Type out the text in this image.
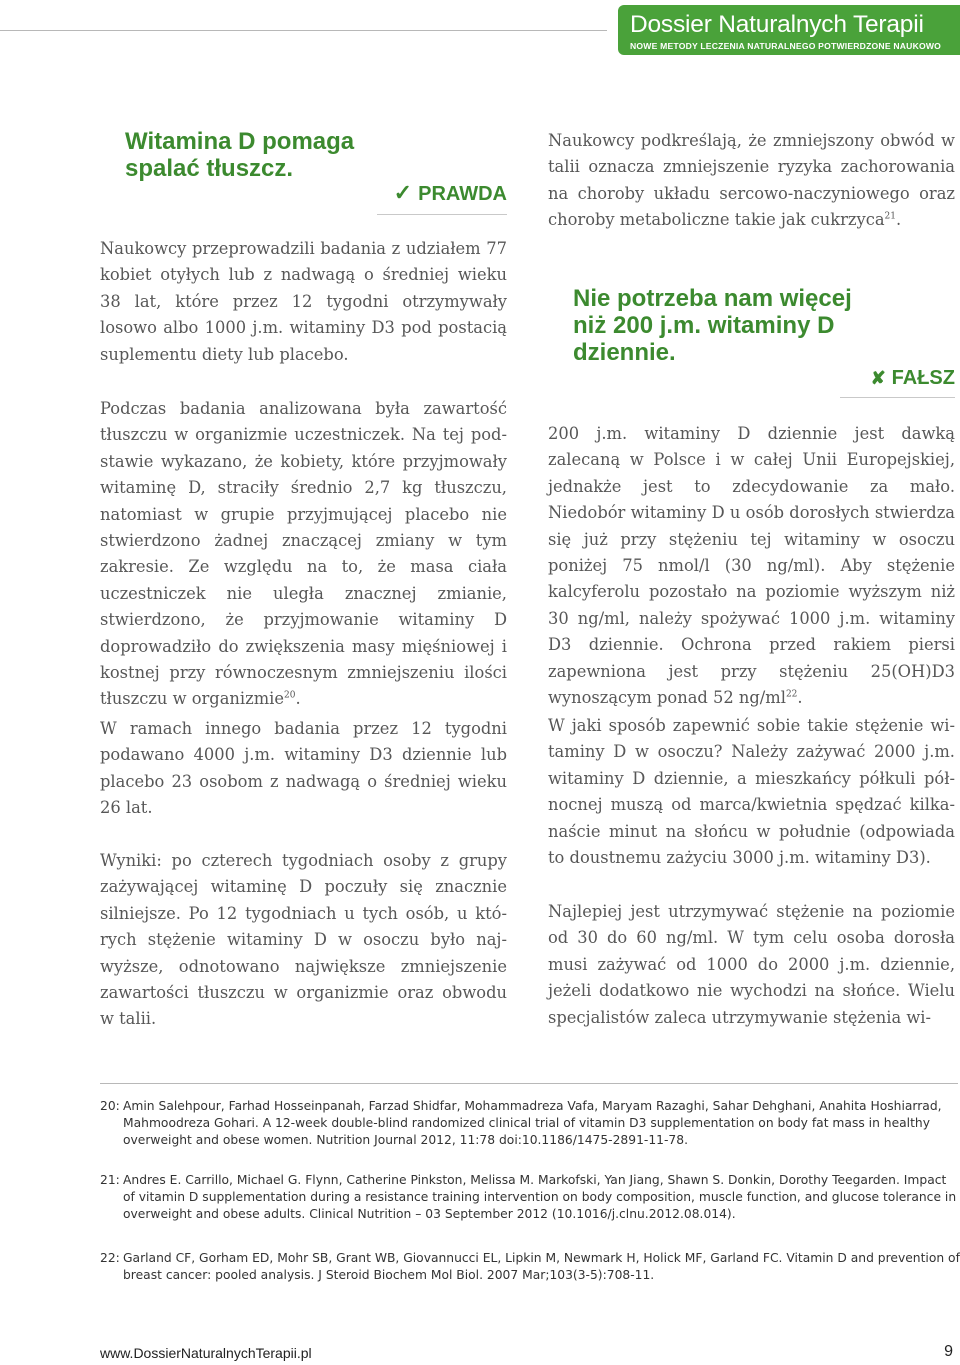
Dossier Naturalnych Terapii
NOWE METODY LECZENIA NATURALNEGO POTWIERDZONE NAUKOWO
Witamina D pomaga
spalać tłuszcz.
✓ PRAWDA
Naukowcy przeprowadzili badania z udziałem 77 kobiet otyłych lub z nadwagą o średniej wieku 38 lat, które przez 12 tygodni otrzymywały losowo albo 1000 j.m. witaminy D3 pod postacią suplementu diety lub placebo.
Podczas badania analizowana była zawartość tłuszczu w organizmie uczestniczek. Na tej podstawie wykazano, że kobiety, które przyjmowały witaminę D, straciły średnio 2,7 kg tłuszczu, natomiast w grupie przyjmującej placebo nie stwierdzono żadnej znaczącej zmiany w tym zakresie. Ze względu na to, że masa ciała uczestniczek nie uległa znacznej zmianie, stwierdzono, że przyjmowanie witaminy D doprowadziło do zwiększenia masy mięśniowej i kostnej przy równoczesnym zmniejszeniu ilości tłuszczu w organizmie$^{20}$.
W ramach innego badania przez 12 tygodni podawano 4000 j.m. witaminy D3 dziennie lub placebo 23 osobom z nadwagą o średniej wieku 26 lat.
Wyniki: po czterech tygodniach osoby z grupy zażywającej witaminę D poczuły się znacznie silniejsze. Po 12 tygodniach u tych osób, u których stężenie witaminy D w osoczu było najwyższe, odnotowano największe zmniejszenie zawartości tłuszczu w organizmie oraz obwodu w talii.
Naukowcy podkreślają, że zmniejszony obwód w talii oznacza zmniejszenie ryzyka zachorowania na choroby układu sercowo-naczyniowego oraz choroby metaboliczne takie jak cukrzyca$^{21}$.
Nie potrzeba nam więcej
niż 200 j.m. witaminy D
dziennie.
✘ FAŁSZ
200 j.m. witaminy D dziennie jest dawką zalecaną w Polsce i w całej Unii Europejskiej, jednakże jest to zdecydowanie za mało. Niedobór witaminy D u osób dorosłych stwierdza się już przy stężeniu tej witaminy w osoczu poniżej 75 nmol/l (30 ng/ml). Aby stężenie kalcyferolu pozostało na poziomie wyższym niż 30 ng/ml, należy spożywać 1000 j.m. witaminy D3 dziennie. Ochrona przed rakiem piersi zapewniona jest przy stężeniu 25(OH)D3 wynoszącym ponad 52 $ng/ml^{22}$.
W jaki sposób zapewnić sobie takie stężenie witaminy D w osoczu? Należy zażywać 2000 j.m. witaminy D dziennie, a mieszkańcy półkuli północnej muszą od marca/kwietnia spędzać kilkanaście minut na słońcu w południe (odpowiada to doustnemu zażyciu 3000 j.m. witaminy D3).
Najlepiej jest utrzymywać stężenie na poziomie od 30 do 60 ng/ml. W tym celu osoba dorosła musi zażywać od 1000 do 2000 j.m. dziennie, jeżeli dodatkowo nie wychodzi na słońce. Wielu specjalistów zaleca utrzymywanie stężenia wi-
20: Amin Salehpour, Farhad Hosseinpanah, Farzad Shidfar, Mohammadreza Vafa, Maryam Razaghi, Sahar Dehghani, Anahita Hoshiarrad, Mahmoodreza Gohari. A 12-week double-blind randomized clinical trial of vitamin D3 supplementation on body fat mass in healthy overweight and obese women. Nutrition Journal 2012, 11:78 doi:10.1186/1475-2891-11-78.
21: Andres E. Carrillo, Michael G. Flynn, Catherine Pinkston, Melissa M. Markofski, Yan Jiang, Shawn S. Donkin, Dorothy Teegarden. Impact of vitamin D supplementation during a resistance training intervention on body composition, muscle function, and glucose tolerance in overweight and obese adults. Clinical Nutrition – 03 September 2012 (10.1016/j.clnu.2012.08.014).
22: Garland CF, Gorham ED, Mohr SB, Grant WB, Giovannucci EL, Lipkin M, Newmark H, Holick MF, Garland FC. Vitamin D and prevention of breast cancer: pooled analysis. J Steroid Biochem Mol Biol. 2007 Mar;103(3-5):708-11.
www.DossierNaturalnychTerapii.pl	9
